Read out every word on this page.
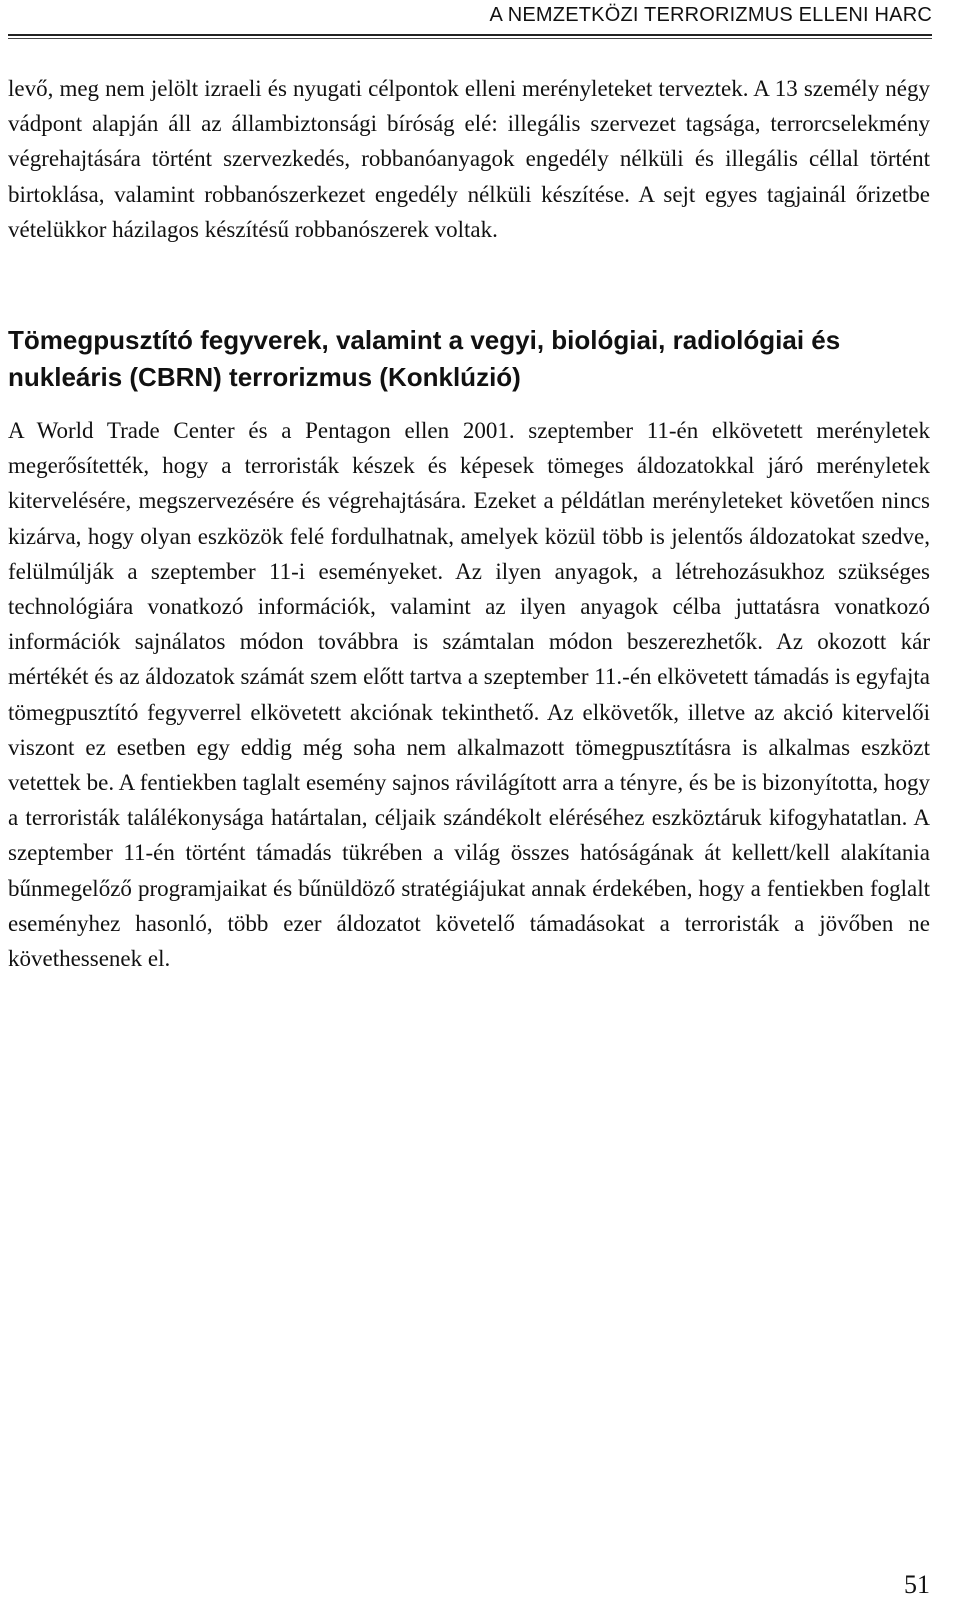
A NEMZETKÖZI TERRORIZMUS ELLENI HARC

levő, meg nem jelölt izraeli és nyugati célpontok elleni merényleteket terveztek. A 13 személy négy vádpont alapján áll az állambiztonsági bíróság elé: illegális szervezet tagsága, terrorcselekmény végrehajtására történt szervezkedés, robbanóanyagok engedély nélküli és illegális céllal történt birtoklása, valamint robbanószerkezet engedély nélküli készítése. A sejt egyes tagjainál őrizetbe vételükkor házilagos készítésű robbanószerek voltak.

Tömegpusztító fegyverek, valamint a vegyi, biológiai, radiológiai és nukleáris (CBRN) terrorizmus (Konklúzió)

A World Trade Center és a Pentagon ellen 2001. szeptember 11-én elkövetett merényletek megerősítették, hogy a terroristák készek és képesek tömeges áldozatokkal járó merényletek kitervelésére, megszervezésére és végrehajtására. Ezeket a példátlan merényleteket követően nincs kizárva, hogy olyan eszközök felé fordulhatnak, amelyek közül több is jelentős áldozatokat szedve, felülmúlják a szeptember 11-i eseményeket. Az ilyen anyagok, a létrehozásukhoz szükséges technológiára vonatkozó információk, valamint az ilyen anyagok célba juttatásra vonatkozó információk sajnálatos módon továbbra is számtalan módon beszerezhetők. Az okozott kár mértékét és az áldozatok számát szem előtt tartva a szeptember 11.-én elkövetett támadás is egyfajta tömegpusztító fegyverrel elkövetett akciónak tekinthető. Az elkövetők, illetve az akció kitervelői viszont ez esetben egy eddig még soha nem alkalmazott tömegpusztításra is alkalmas eszközt vetettek be. A fentiekben taglalt esemény sajnos rávilágított arra a tényre, és be is bizonyította, hogy a terroristák találékonysága határtalan, céljaik szándékolt eléréséhez eszköztáruk kifogyhatatlan. A szeptember 11-én történt támadás tükrében a világ összes hatóságának át kellett/kell alakítania bűnmegelőző programjaikat és bűnüldöző stratégiájukat annak érdekében, hogy a fentiekben foglalt eseményhez hasonló, több ezer áldozatot követelő támadásokat a terroristák a jövőben ne követhessenek el.

51
